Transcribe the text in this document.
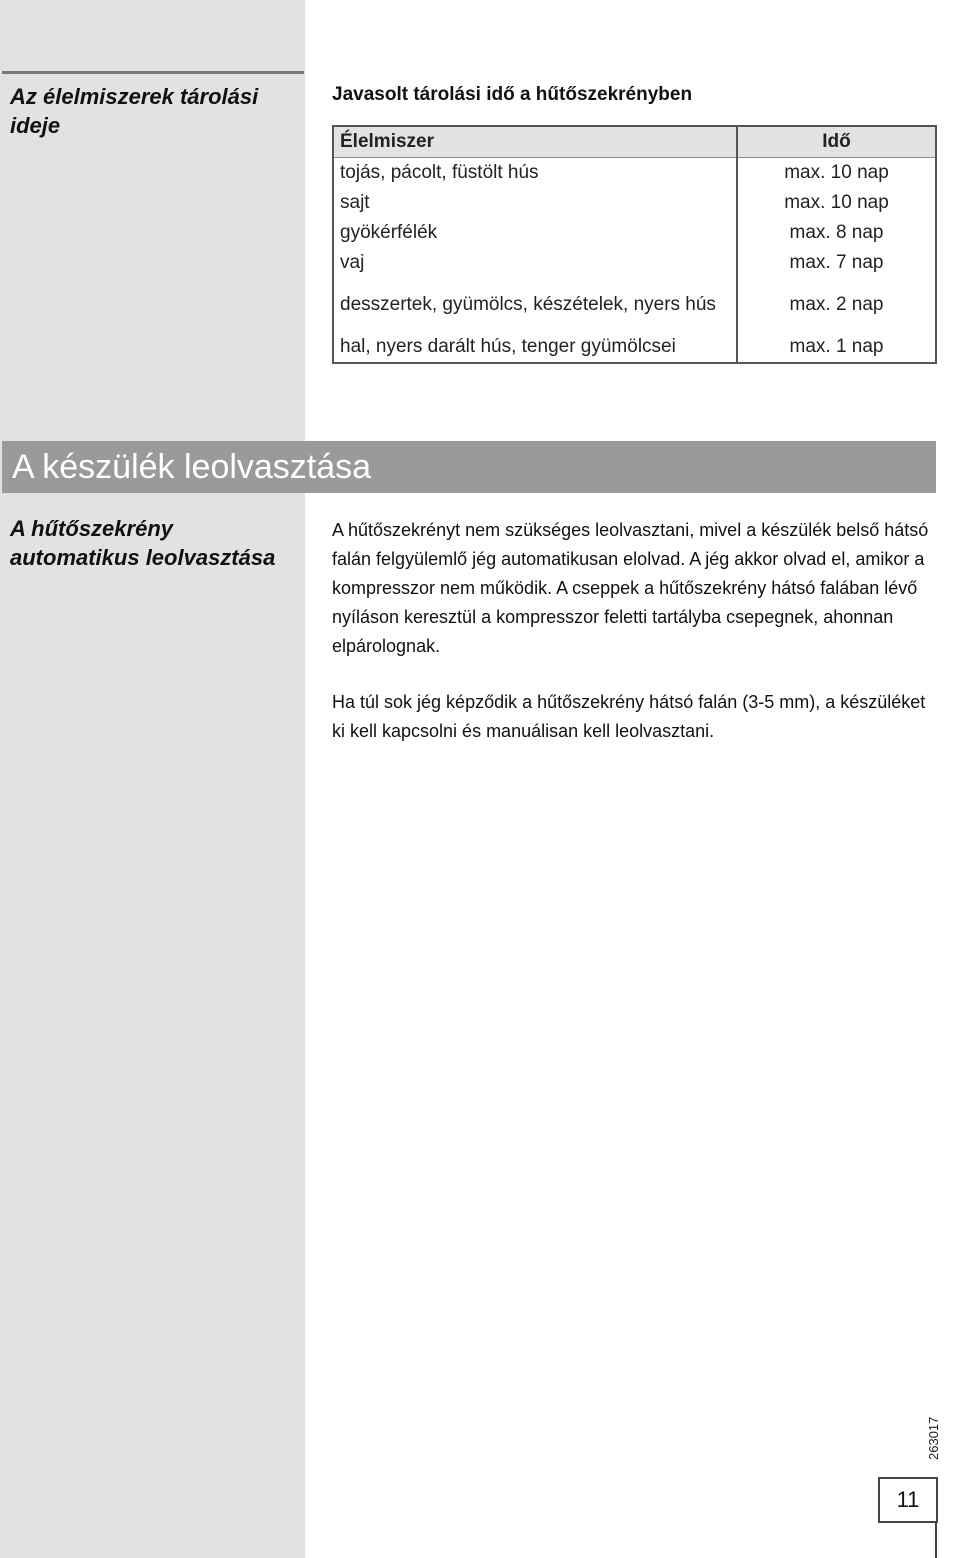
Az élelmiszerek tárolási ideje
Javasolt tárolási idő a hűtőszekrényben
Élelmiszer	Idő
tojás, pácolt, füstölt hús	max. 10 nap
sajt	max. 10 nap
gyökérfélék	max. 8 nap
vaj	max. 7 nap
desszertek, gyümölcs, készételek, nyers hús	max. 2 nap
hal, nyers darált hús, tenger gyümölcsei	max. 1 nap
A készülék leolvasztása
A hűtőszekrény automatikus leolvasztása
A hűtőszekrényt nem szükséges leolvasztani, mivel a készülék belső hátsó falán felgyülemlő jég automatikusan elolvad. A jég akkor olvad el, amikor a kompresszor nem működik. A cseppek a hűtőszekrény hátsó falában lévő nyíláson keresztül a kompresszor feletti tartályba csepegnek, ahonnan elpárolognak.
Ha túl sok jég képződik a hűtőszekrény hátsó falán (3-5 mm), a készüléket ki kell kapcsolni és manuálisan kell leolvasztani.
263017
11
